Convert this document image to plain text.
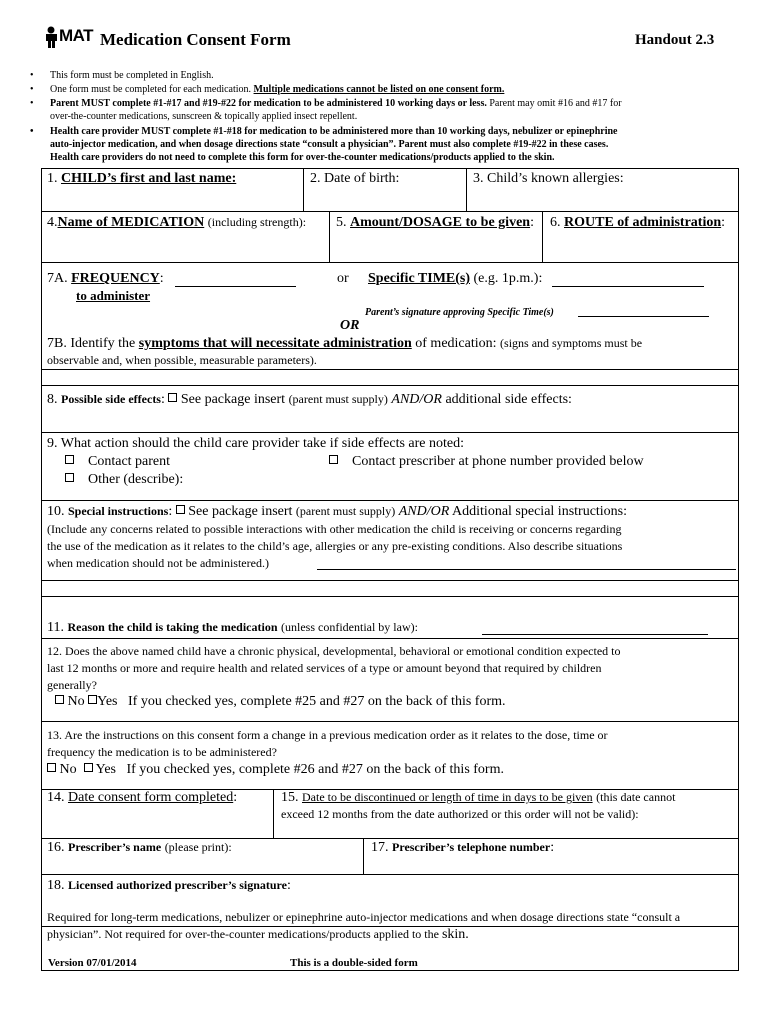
MAT Medication Consent Form	Handout 2.3
• This form must be completed in English.
• One form must be completed for each medication. Multiple medications cannot be listed on one consent form.
• Parent MUST complete #1-#17 and #19-#22 for medication to be administered 10 working days or less. Parent may omit #16 and #17 for
over-the-counter medications, sunscreen & topically applied insect repellent.
• Health care provider MUST complete #1-#18 for medication to be administered more than 10 working days, nebulizer or epinephrine
auto-injector medication, and when dosage directions state “consult a physician”. Parent must also complete #19-#22 in these cases.
Health care providers do not need to complete this form for over-the-counter medications/products applied to the skin.
1. CHILD’s first and last name:	2. Date of birth:	3. Child’s known allergies:
4.Name of MEDICATION (including strength): 5. Amount/DOSAGE to be given: 6. ROUTE of administration:
7A. FREQUENCY:
to administer
or Specific TIME(s) (e.g. 1p.m.):
Parent’s signature approving Specific Time(s)
OR
7B. Identify the symptoms that will necessitate administration of medication: (signs and symptoms must be
observable and, when possible, measurable parameters).
8. Possible side effects: See package insert (parent must supply) AND/OR additional side effects:
9. What action should the child care provider take if side effects are noted:
Contact parent	Contact prescriber at phone number provided below
Other (describe):
10. Special instructions: See package insert (parent must supply) AND/OR Additional special instructions:
(Include any concerns related to possible interactions with other medication the child is receiving or concerns regarding
the use of the medication as it relates to the child’s age, allergies or any pre-existing conditions. Also describe situations
when medication should not be administered.)
11. Reason the child is taking the medication (unless confidential by law):
12. Does the above named child have a chronic physical, developmental, behavioral or emotional condition expected to
last 12 months or more and require health and related services of a type or amount beyond that required by children
generally?
No Yes If you checked yes, complete #25 and #27 on the back of this form.
13. Are the instructions on this consent form a change in a previous medication order as it relates to the dose, time or
frequency the medication is to be administered?
No Yes If you checked yes, complete #26 and #27 on the back of this form.
14. Date consent form completed:	15. Date to be discontinued or length of time in days to be given (this date cannot
exceed 12 months from the date authorized or this order will not be valid):
16. Prescriber’s name (please print):	17. Prescriber’s telephone number:
18. Licensed authorized prescriber’s signature:
Required for long-term medications, nebulizer or epinephrine auto-injector medications and when dosage directions state “consult a
physician”. Not required for over-the-counter medications/products applied to the skin.
Version 07/01/2014	This is a double-sided form
